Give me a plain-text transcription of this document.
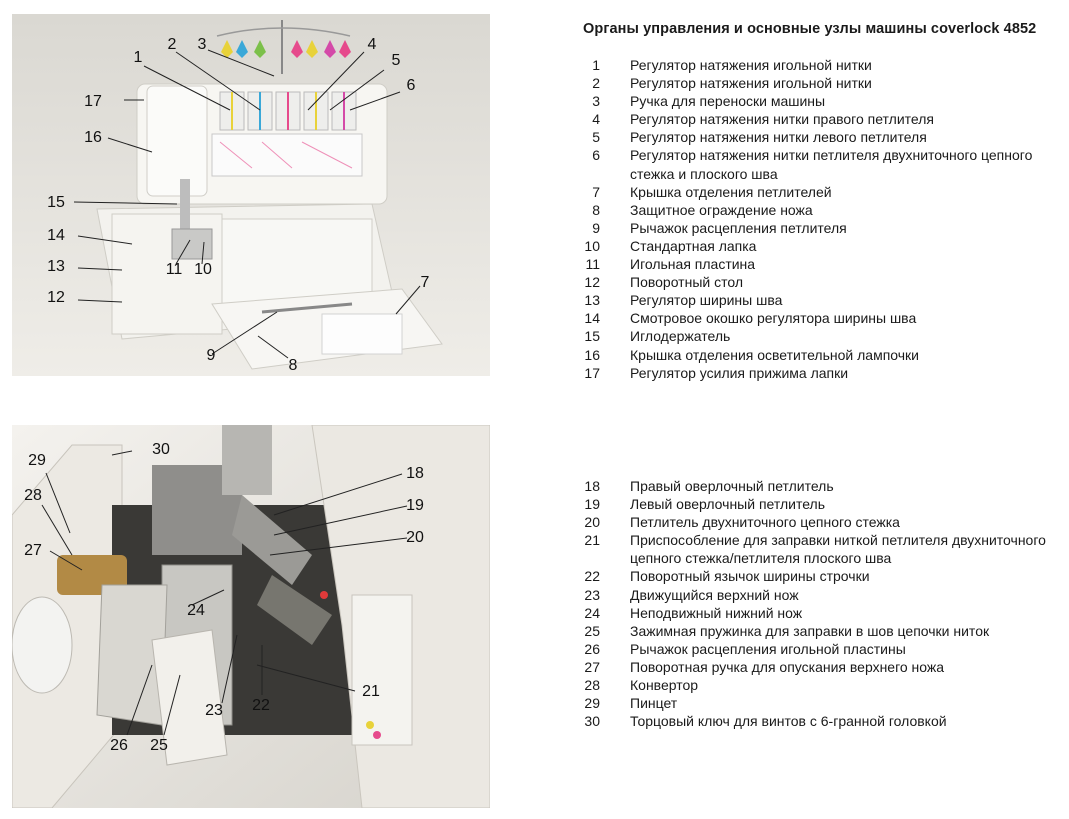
1
2 3	4
5
6
7
8
9
10
11
12
13
14
15
16
17
18
19
20
21
22
23
24
25
26
27
28
29
30
Органы управления и основные узлы машины coverlock 4852
1 Регулятор натяжения игольной нитки
2 Регулятор натяжения игольной нитки
3 Ручка для переноски машины
4 Регулятор натяжения нитки правого петлителя
5 Регулятор натяжения нитки левого петлителя
6 Регулятор натяжения нитки петлителя двухниточного цепного стежка и плоского шва
7 Крышка отделения петлителей
8 Защитное ограждение ножа
9 Рычажок расцепления петлителя
10 Стандартная лапка
11 Игольная пластина
12 Поворотный стол
13 Регулятор ширины шва
14 Смотровое окошко регулятора ширины шва
15 Иглодержатель
16 Крышка отделения осветительной лампочки
17 Регулятор усилия прижима лапки
18 Правый оверлочный петлитель
19 Левый оверлочный петлитель
20 Петлитель двухниточного цепного стежка
21 Приспособление для заправки ниткой петлителя двухниточного цепного стежка/петлителя плоского шва
22 Поворотный язычок ширины строчки
23 Движущийся верхний нож
24 Неподвижный нижний нож
25 Зажимная пружинка для заправки в шов цепочки ниток
26 Рычажок расцепления игольной пластины
27 Поворотная ручка для опускания верхнего ножа
28 Конвертор
29 Пинцет
30 Торцовый ключ для винтов с 6-гранной головкой
